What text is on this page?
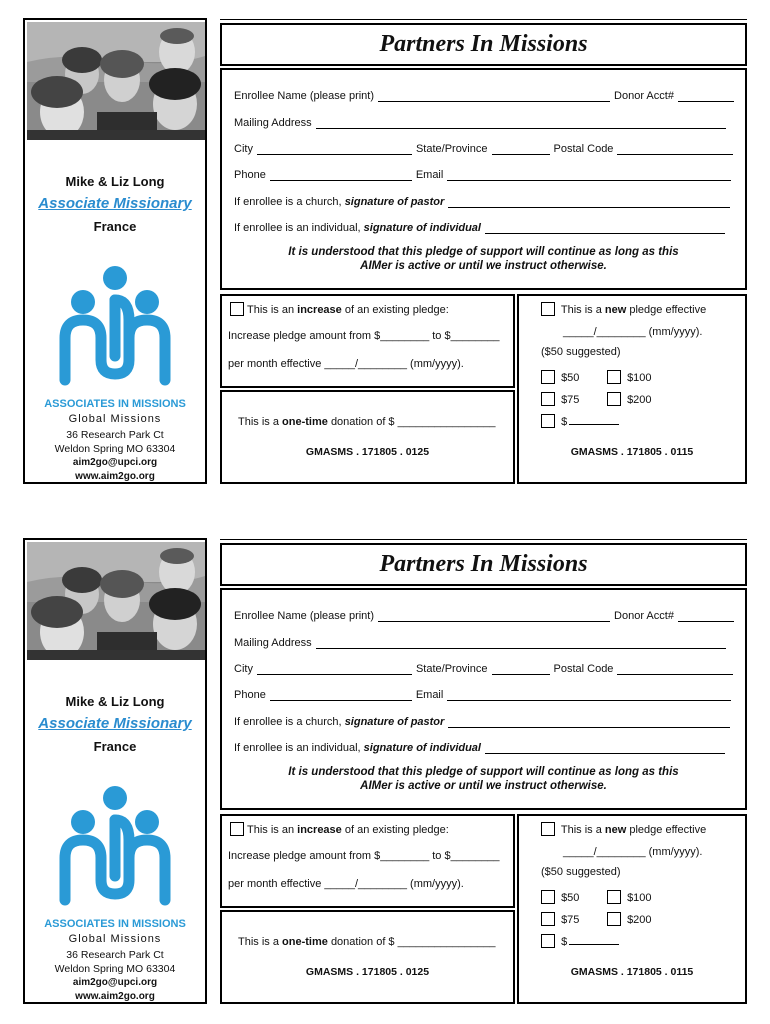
Mike & Liz Long
Associate Missionary
France
ASSOCIATES IN MISSIONS
Global Missions
36 Research Park Ct
Weldon Spring MO 63304
aim2go@upci.org
www.aim2go.org
Partners In Missions
Enrollee Name (please print)	Donor Acct#
Mailing Address
City	State/Province	Postal Code
Phone	Email
If enrollee is a church,
signature of pastor
If enrollee is an individual,
signature of individual
It is understood that this pledge of support will continue as long as this
AIMer is active or until we instruct otherwise.
This is an increase of an existing pledge:
Increase pledge amount from $________ to $________
per month effective _____/________ (mm/yyyy).
This is a one-time donation of $ ________________
GMASMS . 171805 . 0125
This is a new pledge effective
_____/________ (mm/yyyy).
($50 suggested)
$50	$100
$75	$200
$
GMASMS . 171805 . 0115
Mike & Liz Long
Associate Missionary
France
ASSOCIATES IN MISSIONS
Global Missions
36 Research Park Ct
Weldon Spring MO 63304
aim2go@upci.org
www.aim2go.org
Partners In Missions
Enrollee Name (please print)	Donor Acct#
Mailing Address
City	State/Province	Postal Code
Phone	Email
If enrollee is a church,
signature of pastor
If enrollee is an individual,
signature of individual
It is understood that this pledge of support will continue as long as this
AIMer is active or until we instruct otherwise.
This is an increase of an existing pledge:
Increase pledge amount from $________ to $________
per month effective _____/________ (mm/yyyy).
This is a one-time donation of $ ________________
GMASMS . 171805 . 0125
This is a new pledge effective
_____/________ (mm/yyyy).
($50 suggested)
$50	$100
$75	$200
$
GMASMS . 171805 . 0115
